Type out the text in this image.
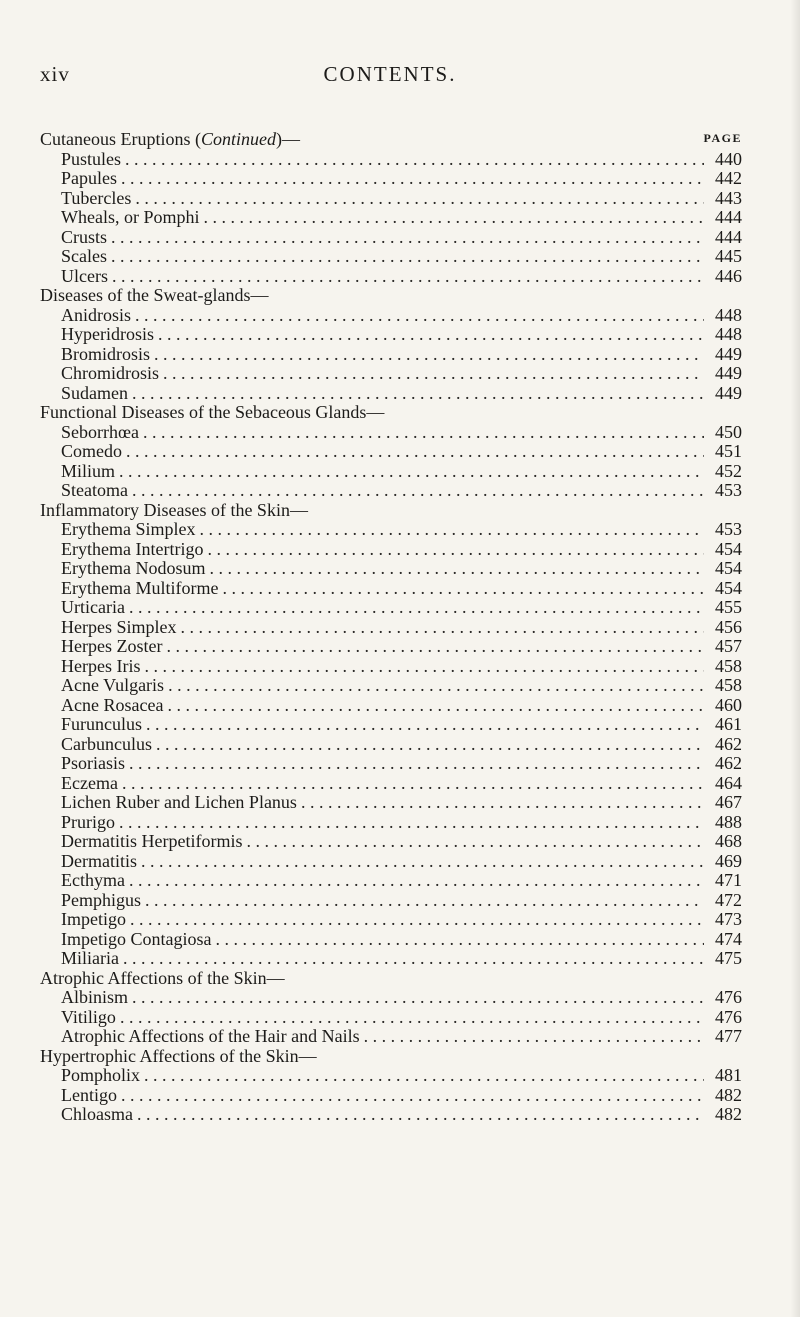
xiv	CONTENTS.
Cutaneous Eruptions (Continued)—	PAGE
Pustules . . .	440
Papules . . .	442
Tubercles . . .	443
Wheals, or Pomphi . . .	444
Crusts . . .	444
Scales . . .	445
Ulcers . . .	446
Diseases of the Sweat-glands—
Anidrosis . . .	448
Hyperidrosis . . .	448
Bromidrosis . . .	449
Chromidrosis . . .	449
Sudamen . . .	449
Functional Diseases of the Sebaceous Glands—
Seborrhœa . . .	450
Comedo . . .	451
Milium . . .	452
Steatoma . . .	453
Inflammatory Diseases of the Skin—
Erythema Simplex . . .	453
Erythema Intertrigo . . .	454
Erythema Nodosum . . .	454
Erythema Multiforme . . .	454
Urticaria . . .	455
Herpes Simplex . . .	456
Herpes Zoster . . .	457
Herpes Iris . . .	458
Acne Vulgaris . . .	458
Acne Rosacea . . .	460
Furunculus . . .	461
Carbunculus . . .	462
Psoriasis . . .	462
Eczema . . .	464
Lichen Ruber and Lichen Planus . . .	467
Prurigo . . .	488
Dermatitis Herpetiformis . . .	468
Dermatitis . . .	469
Ecthyma . . .	471
Pemphigus . . .	472
Impetigo . . .	473
Impetigo Contagiosa . . .	474
Miliaria . . .	475
Atrophic Affections of the Skin—
Albinism . . .	476
Vitiligo . . .	476
Atrophic Affections of the Hair and Nails . . .	477
Hypertrophic Affections of the Skin—
Pompholix . . .	481
Lentigo . . .	482
Chloasma . . .	482
